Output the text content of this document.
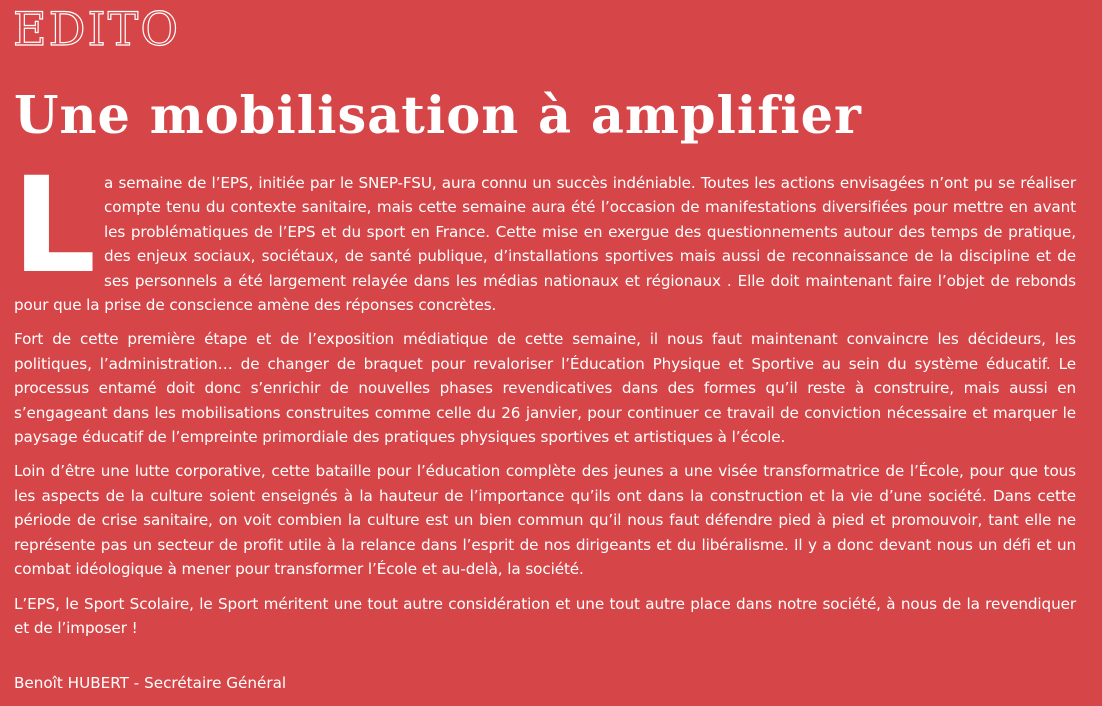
EDITO
Une mobilisation à amplifier

La semaine de l’EPS, initiée par le SNEP-FSU, aura connu un succès indéniable. Toutes les actions envisagées n’ont pu se réaliser compte tenu du contexte sanitaire, mais cette semaine aura été l’occasion de manifestations diversifiées pour mettre en avant les problématiques de l’EPS et du sport en France. Cette mise en exergue des questionnements autour des temps de pratique, des enjeux sociaux, sociétaux, de santé publique, d’installations sportives mais aussi de reconnaissance de la discipline et de ses personnels a été largement relayée dans les médias nationaux et régionaux . Elle doit maintenant faire l’objet de rebonds pour que la prise de conscience amène des réponses concrètes.

Fort de cette première étape et de l’exposition médiatique de cette semaine, il nous faut maintenant convaincre les décideurs, les politiques, l’administration… de changer de braquet pour revaloriser l’Éducation Physique et Sportive au sein du système éducatif. Le processus entamé doit donc s’enrichir de nouvelles phases revendicatives dans des formes qu’il reste à construire, mais aussi en s’engageant dans les mobilisations construites comme celle du 26 janvier, pour continuer ce travail de conviction nécessaire et marquer le paysage éducatif de l’empreinte primordiale des pratiques physiques sportives et artistiques à l’école.

Loin d’être une lutte corporative, cette bataille pour l’éducation complète des jeunes a une visée transformatrice de l’École, pour que tous les aspects de la culture soient enseignés à la hauteur de l’importance qu’ils ont dans la construction et la vie d’une société. Dans cette période de crise sanitaire, on voit combien la culture est un bien commun qu’il nous faut défendre pied à pied et promouvoir, tant elle ne représente pas un secteur de profit utile à la relance dans l’esprit de nos dirigeants et du libéralisme. Il y a donc devant nous un défi et un combat idéologique à mener pour transformer l’École et au-delà, la société.

L’EPS, le Sport Scolaire, le Sport méritent une tout autre considération et une tout autre place dans notre société, à nous de la revendiquer et de l’imposer !

Benoît HUBERT - Secrétaire Général
